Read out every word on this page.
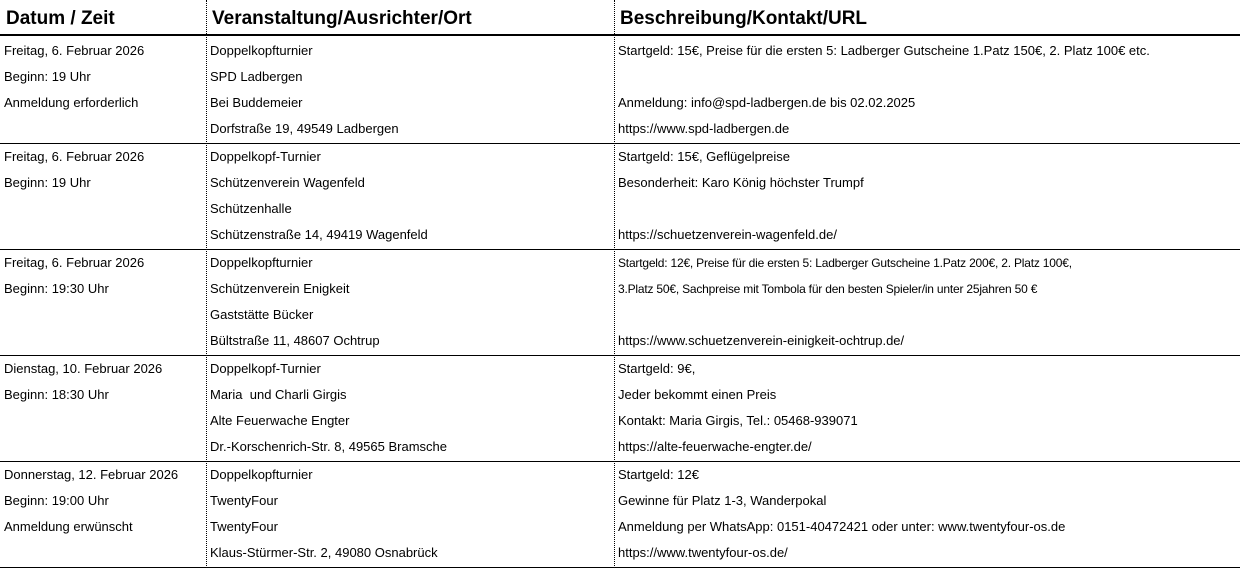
Datum / Zeit	Veranstaltung/Ausrichter/Ort	Beschreibung/Kontakt/URL
Freitag, 6. Februar 2026
Beginn: 19 Uhr
Anmeldung erforderlich
Doppelkopfturnier
SPD Ladbergen
Bei Buddemeier
Dorfstraße 19, 49549 Ladbergen
Startgeld: 15€, Preise für die ersten 5: Ladberger Gutscheine 1.Patz 150€, 2. Platz 100€ etc.
Anmeldung: info@spd-ladbergen.de bis 02.02.2025
https://www.spd-ladbergen.de
Freitag, 6. Februar 2026
Beginn: 19 Uhr
Doppelkopf-Turnier
Schützenverein Wagenfeld
Schützenhalle
Schützenstraße 14, 49419 Wagenfeld
Startgeld: 15€, Geflügelpreise
Besonderheit: Karo König höchster Trumpf
https://schuetzenverein-wagenfeld.de/
Freitag, 6. Februar 2026
Beginn: 19:30 Uhr
Doppelkopfturnier
Schützenverein Enigkeit
Gaststätte Bücker
Bültstraße 11, 48607 Ochtrup
Startgeld: 12€, Preise für die ersten 5: Ladberger Gutscheine 1.Patz 200€, 2. Platz 100€,
3.Platz 50€, Sachpreise mit Tombola für den besten Spieler/in unter 25jahren 50 €
https://www.schuetzenverein-einigkeit-ochtrup.de/
Dienstag, 10. Februar 2026
Beginn: 18:30 Uhr
Doppelkopf-Turnier
Maria  und Charli Girgis
Alte Feuerwache Engter
Dr.-Korschenrich-Str. 8, 49565 Bramsche
Startgeld: 9€,
Jeder bekommt einen Preis
Kontakt: Maria Girgis, Tel.: 05468-939071
https://alte-feuerwache-engter.de/
Donnerstag, 12. Februar 2026
Beginn: 19:00 Uhr
Anmeldung erwünscht
Doppelkopfturnier
TwentyFour
TwentyFour
Klaus-Stürmer-Str. 2, 49080 Osnabrück
Startgeld: 12€
Gewinne für Platz 1-3, Wanderpokal
Anmeldung per WhatsApp: 0151-40472421 oder unter: www.twentyfour-os.de
https://www.twentyfour-os.de/
